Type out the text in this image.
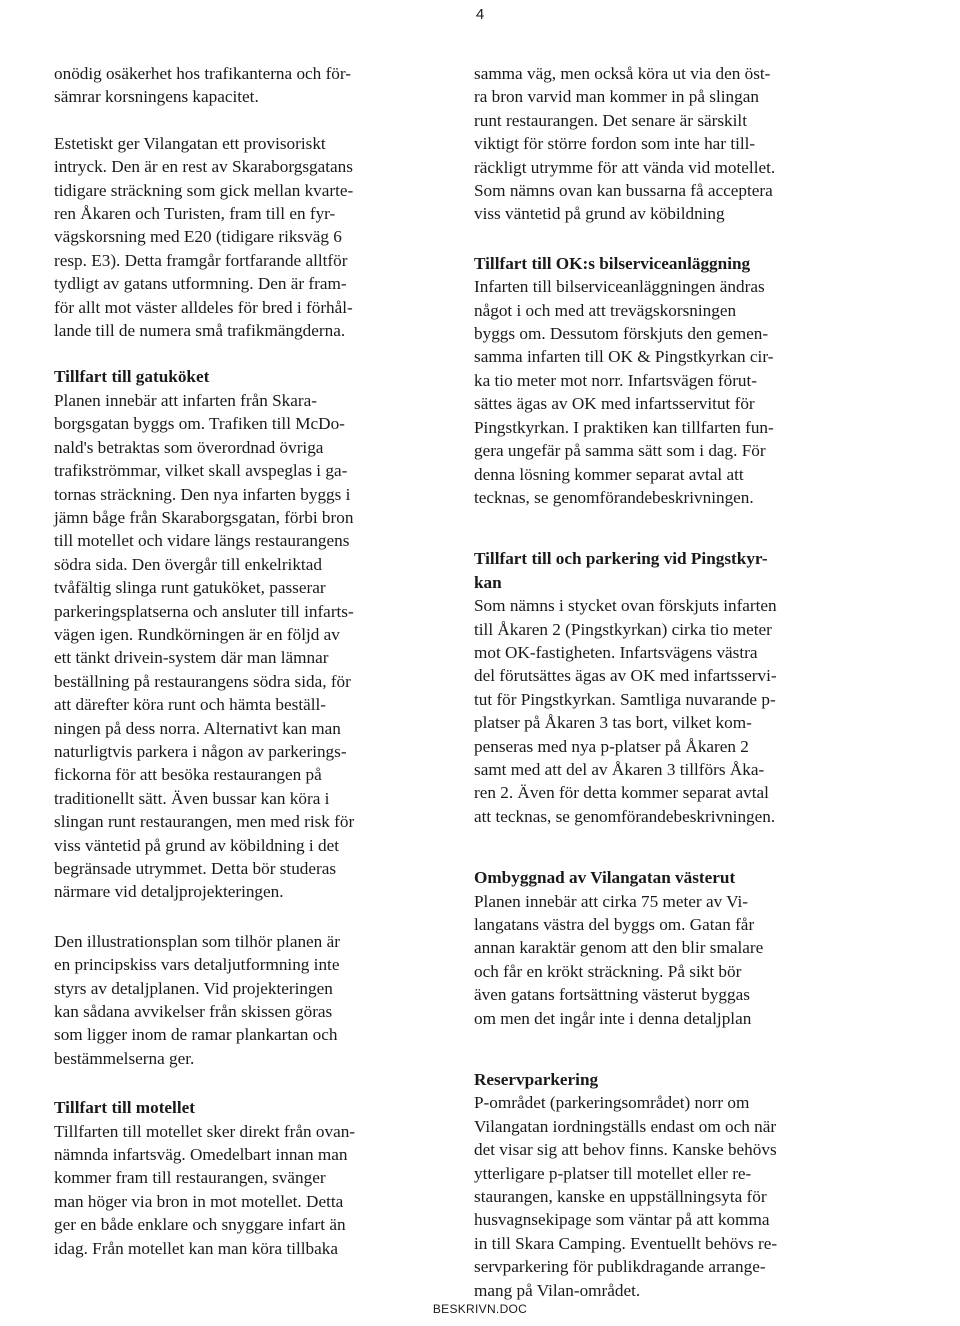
4

onödig osäkerhet hos trafikanterna och för-

sämrar korsningens kapacitet.

Estetiskt ger Vilangatan ett provisoriskt

intryck. Den är en rest av Skaraborgsgatans

tidigare sträckning som gick mellan kvarte-

ren Åkaren och Turisten, fram till en fyr-

vägskorsning med E20 (tidigare riksväg 6

resp. E3). Detta framgår fortfarande alltför

tydligt av gatans utformning. Den är fram-

för allt mot väster alldeles för bred i förhål-

lande till de numera små trafikmängderna.

Tillfart till gatuköket

Planen innebär att infarten från Skara-

borgsgatan byggs om. Trafiken till McDo-

nald's betraktas som överordnad övriga

trafikströmmar, vilket skall avspeglas i ga-

tornas sträckning. Den nya infarten byggs i

jämn båge från Skaraborgsgatan, förbi bron

till motellet och vidare längs restaurangens

södra sida. Den övergår till enkelriktad

tvåfältig slinga runt gatuköket, passerar

parkeringsplatserna och ansluter till infarts-

vägen igen. Rundkörningen är en följd av

ett tänkt drivein-system där man lämnar

beställning på restaurangens södra sida, för

att därefter köra runt och hämta beställ-

ningen på dess norra. Alternativt kan man

naturligtvis parkera i någon av parkerings-

fickorna för att besöka restaurangen på

traditionellt sätt. Även bussar kan köra i

slingan runt restaurangen, men med risk för

viss väntetid på grund av köbildning i det

begränsade utrymmet. Detta bör studeras

närmare vid detaljprojekteringen.

Den illustrationsplan som tilhör planen är

en principskiss vars detaljutformning inte

styrs av detaljplanen. Vid projekteringen

kan sådana avvikelser från skissen göras

som ligger inom de ramar plankartan och

bestämmelserna ger.

Tillfart till motellet

Tillfarten till motellet sker direkt från ovan-

nämnda infartsväg. Omedelbart innan man

kommer fram till restaurangen, svänger

man höger via bron in mot motellet. Detta

ger en både enklare och snyggare infart än

idag. Från motellet kan man köra tillbaka

samma väg, men också köra ut via den öst-

ra bron varvid man kommer in på slingan

runt restaurangen. Det senare är särskilt

viktigt för större fordon som inte har till-

räckligt utrymme för att vända vid motellet.

Som nämns ovan kan bussarna få acceptera

viss väntetid på grund av köbildning

Tillfart till OK:s bilserviceanläggning

Infarten till bilserviceanläggningen ändras

något i och med att trevägskorsningen

byggs om. Dessutom förskjuts den gemen-

samma infarten till OK & Pingstkyrkan cir-

ka tio meter mot norr. Infartsvägen förut-

sättes ägas av OK med infartsservitut för

Pingstkyrkan. I praktiken kan tillfarten fun-

gera ungefär på samma sätt som i dag. För

denna lösning kommer separat avtal att

tecknas, se genomförandebeskrivningen.

Tillfart till och parkering vid Pingstkyr-
kan

Som nämns i stycket ovan förskjuts infarten

till Åkaren 2 (Pingstkyrkan) cirka tio meter

mot OK-fastigheten. Infartsvägens västra

del förutsättes ägas av OK med infartsservi-

tut för Pingstkyrkan. Samtliga nuvarande p-

platser på Åkaren 3 tas bort, vilket kom-

penseras med nya p-platser på Åkaren 2

samt med att del av Åkaren 3 tillförs Åka-

ren 2. Även för detta kommer separat avtal

att tecknas, se genomförandebeskrivningen.

Ombyggnad av Vilangatan västerut

Planen innebär att cirka 75 meter av Vi-

langatans västra del byggs om. Gatan får

annan karaktär genom att den blir smalare

och får en krökt sträckning. På sikt bör

även gatans fortsättning västerut byggas

om men det ingår inte i denna detaljplan

Reservparkering

P-området (parkeringsområdet) norr om

Vilangatan iordningställs endast om och när

det visar sig att behov finns. Kanske behövs

ytterligare p-platser till motellet eller re-

staurangen, kanske en uppställningsyta för

husvagnsekipage som väntar på att komma

in till Skara Camping. Eventuellt behövs re-

servparkering för publikdragande arrange-

mang på Vilan-området.

BESKRIVN.DOC
